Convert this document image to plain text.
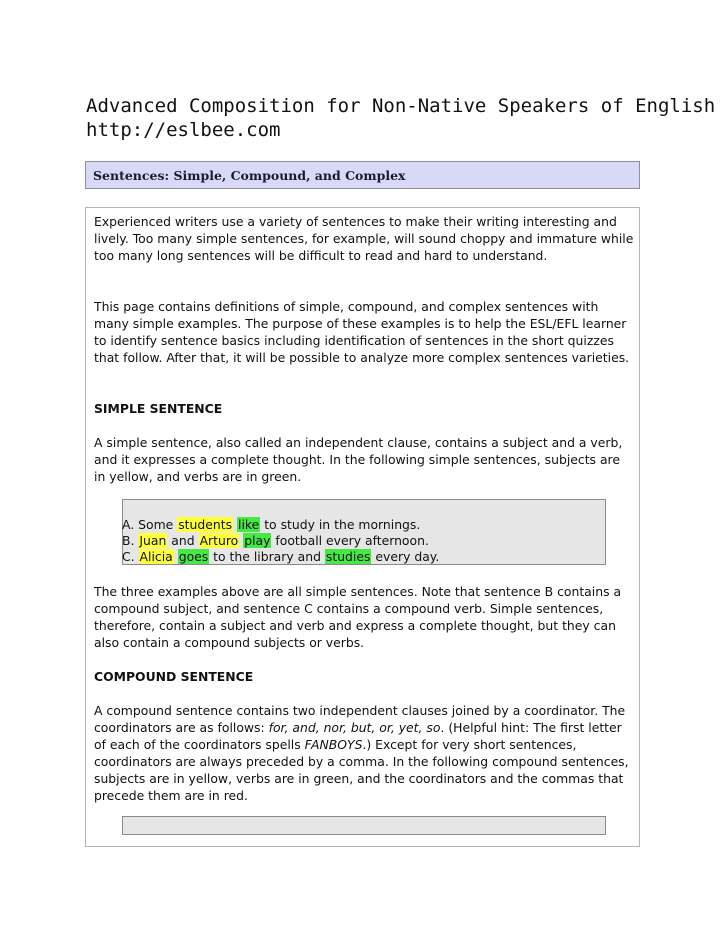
Advanced Composition for Non-Native Speakers of English
http://eslbee.com
Sentences: Simple, Compound, and Complex

Experienced writers use a variety of sentences to make their writing interesting and lively. Too many simple sentences, for example, will sound choppy and immature while too many long sentences will be difficult to read and hard to understand.

This page contains definitions of simple, compound, and complex sentences with many simple examples. The purpose of these examples is to help the ESL/EFL learner to identify sentence basics including identification of sentences in the short quizzes that follow. After that, it will be possible to analyze more complex sentences varieties.

SIMPLE SENTENCE

A simple sentence, also called an independent clause, contains a subject and a verb, and it expresses a complete thought. In the following simple sentences, subjects are in yellow, and verbs are in green.

A. Some students like to study in the mornings.
B. Juan and Arturo play football every afternoon.
C. Alicia goes to the library and studies every day.

The three examples above are all simple sentences. Note that sentence B contains a compound subject, and sentence C contains a compound verb. Simple sentences, therefore, contain a subject and verb and express a complete thought, but they can also contain a compound subjects or verbs.

COMPOUND SENTENCE

A compound sentence contains two independent clauses joined by a coordinator. The coordinators are as follows: for, and, nor, but, or, yet, so. (Helpful hint: The first letter of each of the coordinators spells FANBOYS.) Except for very short sentences, coordinators are always preceded by a comma. In the following compound sentences, subjects are in yellow, verbs are in green, and the coordinators and the commas that precede them are in red.
